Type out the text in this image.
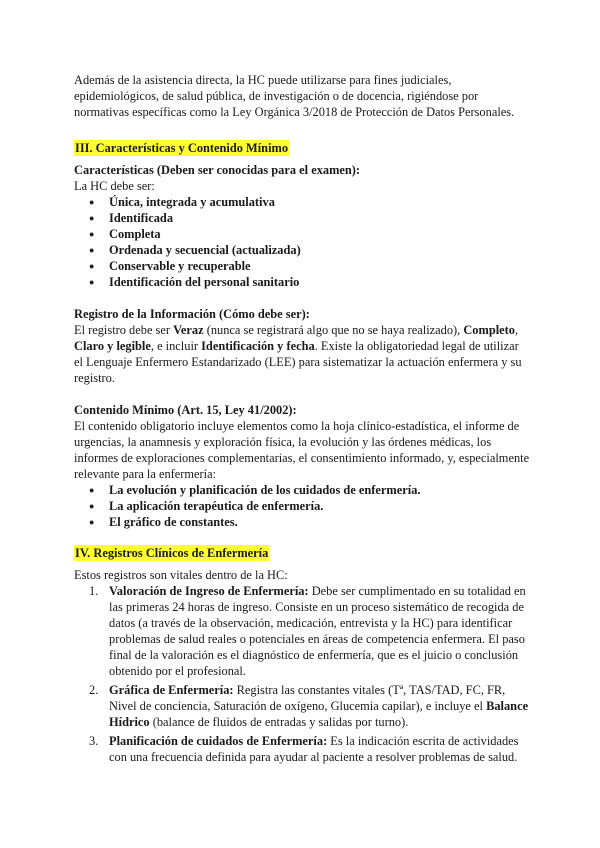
Además de la asistencia directa, la HC puede utilizarse para fines judiciales, epidemiológicos, de salud pública, de investigación o de docencia, rigiéndose por normativas específicas como la Ley Orgánica 3/2018 de Protección de Datos Personales.

III. Características y Contenido Mínimo

Características (Deben ser conocidas para el examen):

La HC debe ser:

● Única, integrada y acumulativa
● Identificada
● Completa
● Ordenada y secuencial (actualizada)
● Conservable y recuperable
● Identificación del personal sanitario

Registro de la Información (Cómo debe ser):

El registro debe ser Veraz (nunca se registrará algo que no se haya realizado), Completo, Claro y legible, e incluir Identificación y fecha. Existe la obligatoriedad legal de utilizar el Lenguaje Enfermero Estandarizado (LEE) para sistematizar la actuación enfermera y su registro.

Contenido Mínimo (Art. 15, Ley 41/2002):

El contenido obligatorio incluye elementos como la hoja clínico-estadística, el informe de urgencias, la anamnesis y exploración física, la evolución y las órdenes médicas, los informes de exploraciones complementarias, el consentimiento informado, y, especialmente relevante para la enfermería:

● La evolución y planificación de los cuidados de enfermería.
● La aplicación terapéutica de enfermería.
● El gráfico de constantes.
IV. Registros Clínicos de Enfermería

Estos registros son vitales dentro de la HC:

1. Valoración de Ingreso de Enfermería: Debe ser cumplimentado en su totalidad en las primeras 24 horas de ingreso. Consiste en un proceso sistemático de recogida de datos (a través de la observación, medicación, entrevista y la HC) para identificar problemas de salud reales o potenciales en áreas de competencia enfermera. El paso final de la valoración es el diagnóstico de enfermería, que es el juicio o conclusión obtenido por el profesional.
2. Gráfica de Enfermería: Registra las constantes vitales (Tª, TAS/TAD, FC, FR, Nivel de conciencia, Saturación de oxígeno, Glucemia capilar), e incluye el Balance Hídrico (balance de fluidos de entradas y salidas por turno).
3. Planificación de cuidados de Enfermería: Es la indicación escrita de actividades con una frecuencia definida para ayudar al paciente a resolver problemas de salud.
